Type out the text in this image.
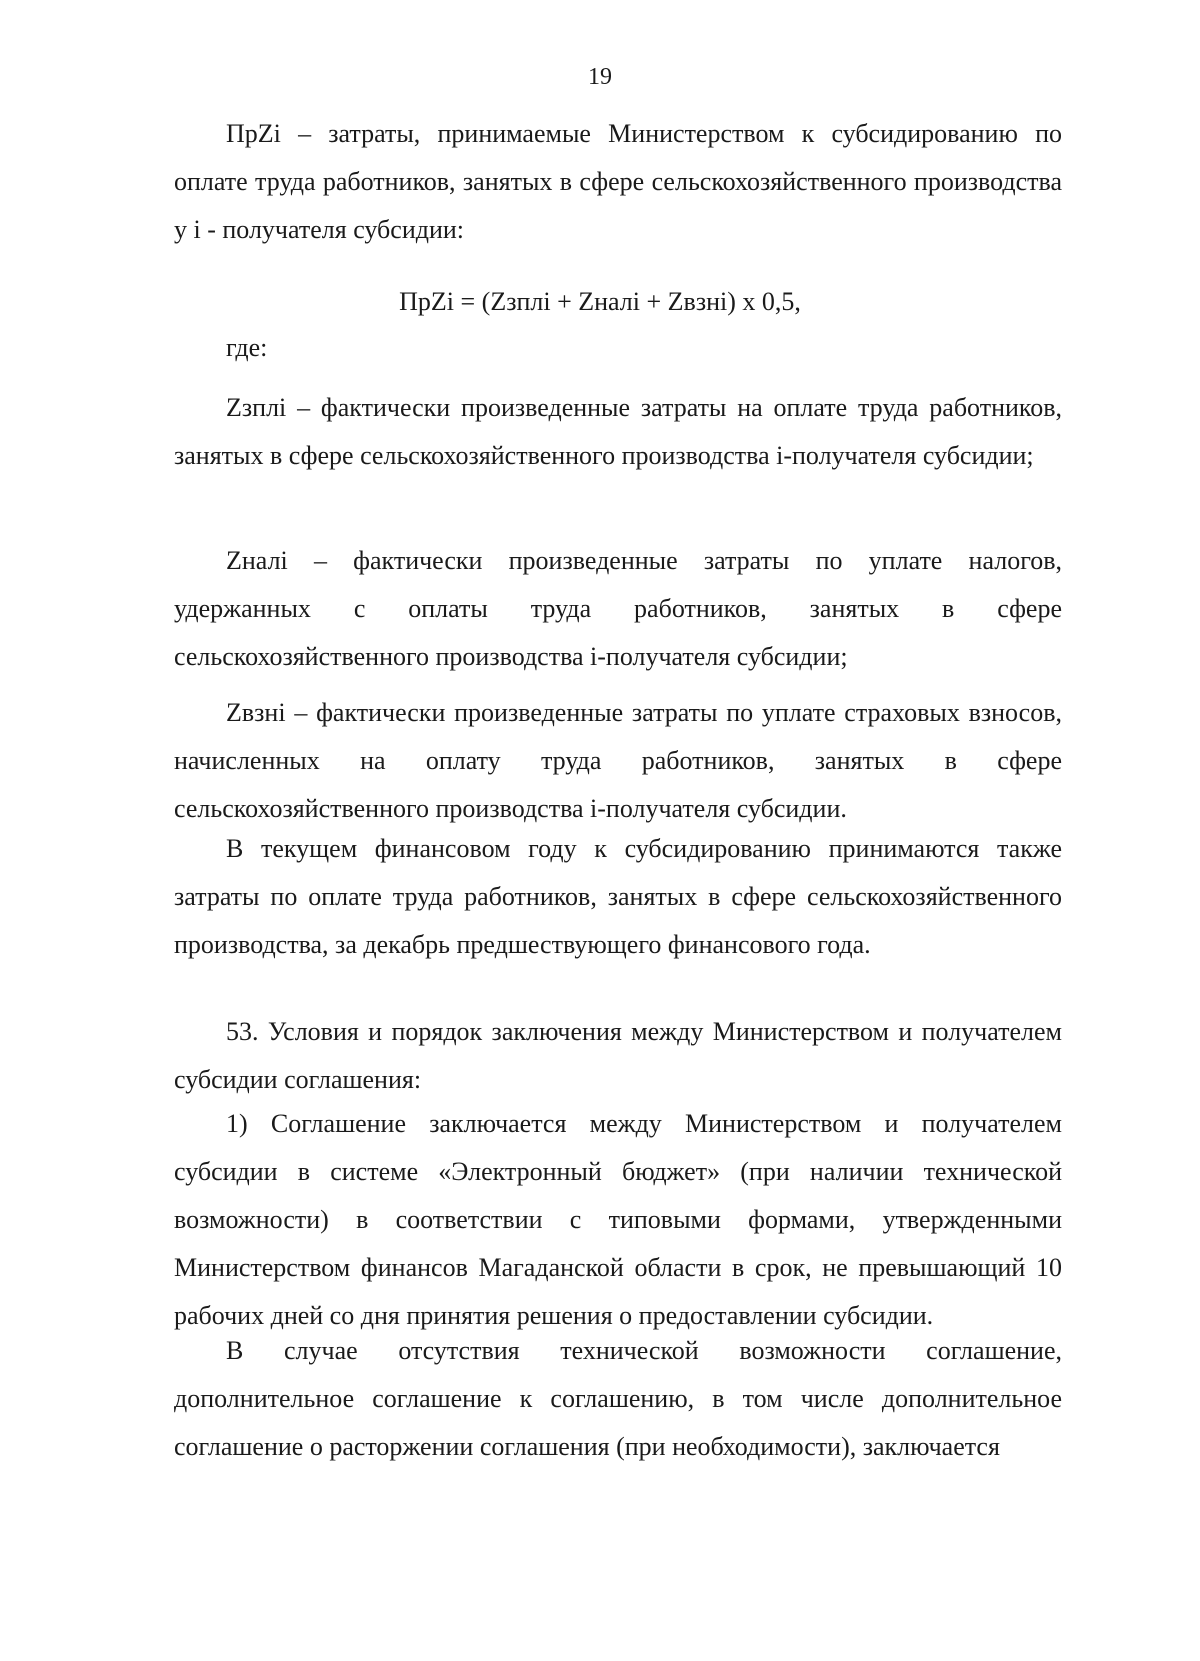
19

ПрZi – затраты, принимаемые Министерством к субсидированию по оплате труда работников, занятых в сфере сельскохозяйственного производства у i - получателя субсидии:

ПрZi = (Zзплi + Zналi + Zвзнi) x 0,5,

где:

Zзплi – фактически произведенные затраты на оплате труда работников, занятых в сфере сельскохозяйственного производства i-получателя субсидии;

Zналi – фактически произведенные затраты по уплате налогов, удержанных с оплаты труда работников, занятых в сфере сельскохозяйственного производства i-получателя субсидии;

Zвзнi – фактически произведенные затраты по уплате страховых взносов, начисленных на оплату труда работников, занятых в сфере сельскохозяйственного производства i-получателя субсидии.

В текущем финансовом году к субсидированию принимаются также затраты по оплате труда работников, занятых в сфере сельскохозяйственного производства, за декабрь предшествующего финансового года.

53. Условия и порядок заключения между Министерством и получателем субсидии соглашения:

1) Соглашение заключается между Министерством и получателем субсидии в системе «Электронный бюджет» (при наличии технической возможности) в соответствии с типовыми формами, утвержденными Министерством финансов Магаданской области в срок, не превышающий 10 рабочих дней со дня принятия решения о предоставлении субсидии.

В случае отсутствия технической возможности соглашение, дополнительное соглашение к соглашению, в том числе дополнительное соглашение о расторжении соглашения (при необходимости), заключается
